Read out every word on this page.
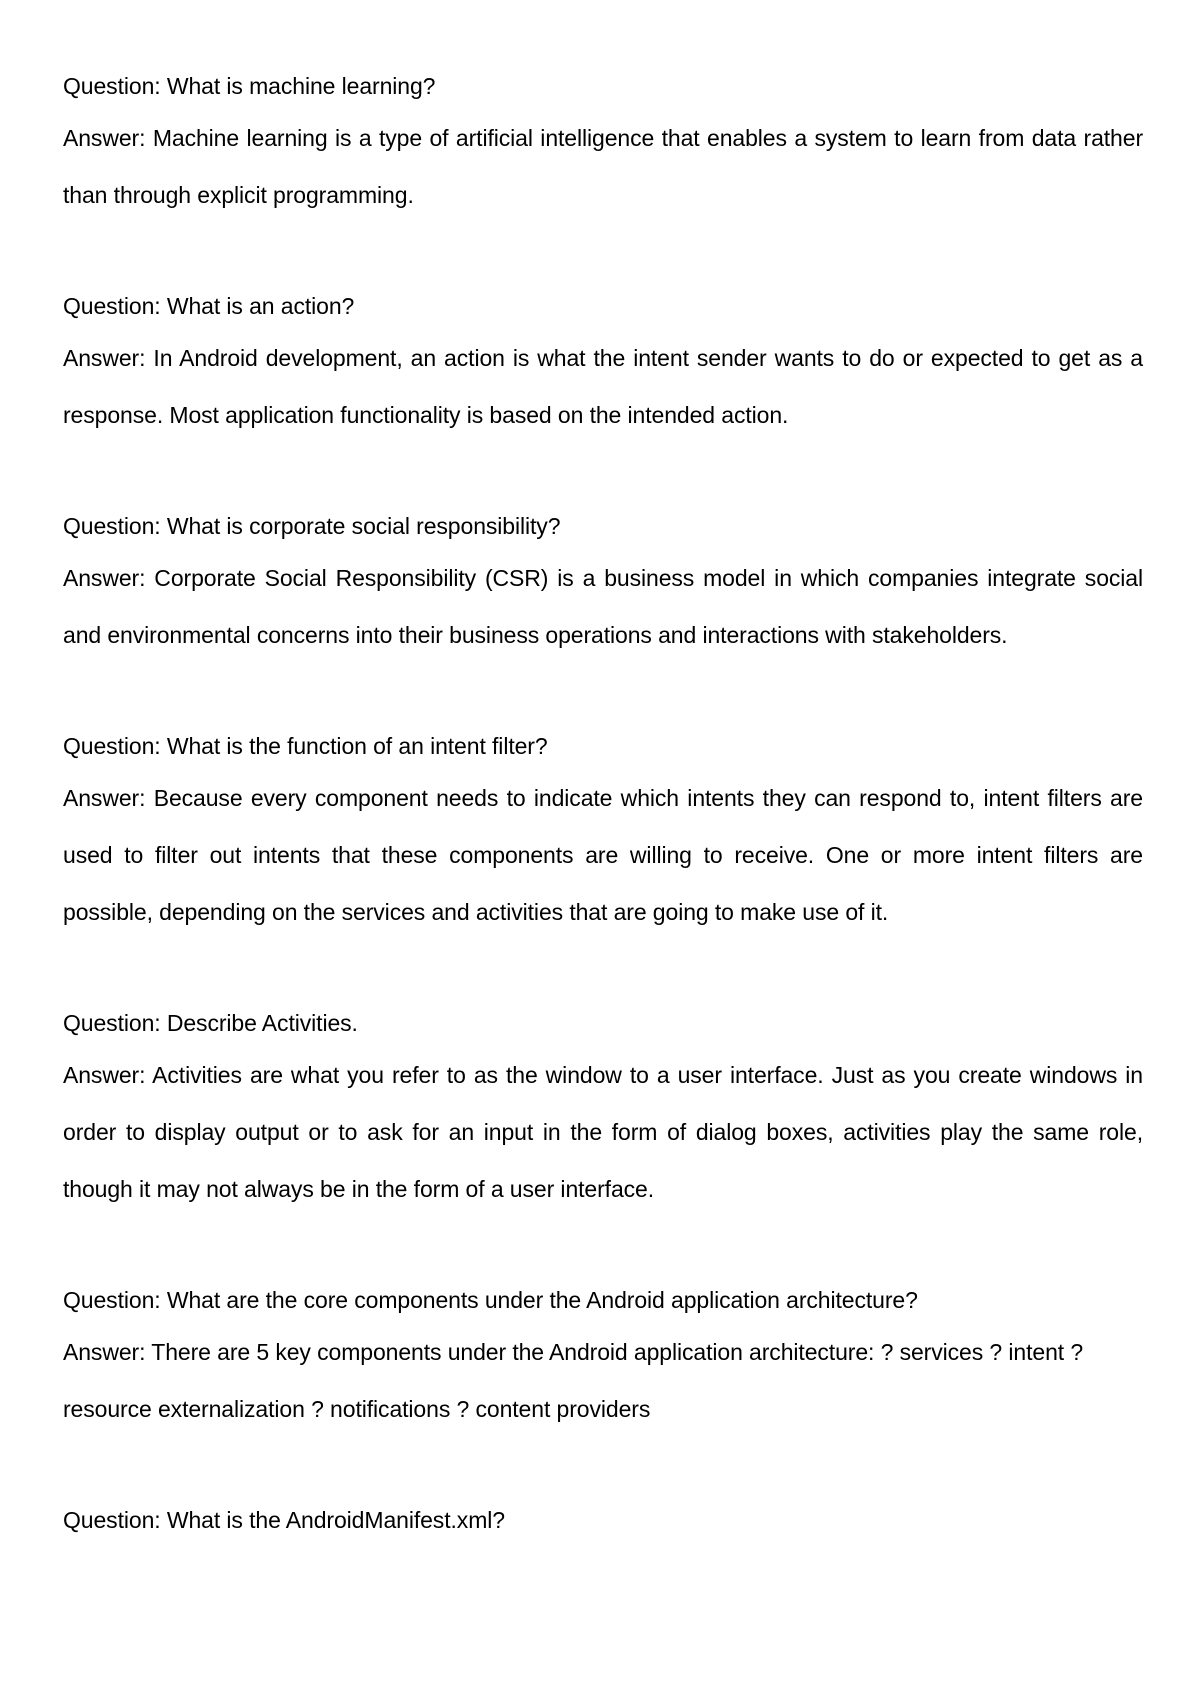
Question: What is machine learning?

Answer: Machine learning is a type of artificial intelligence that enables a system to learn from data rather than through explicit programming.

Question: What is an action?

Answer: In Android development, an action is what the intent sender wants to do or expected to get as a response. Most application functionality is based on the intended action.

Question: What is corporate social responsibility?

Answer: Corporate Social Responsibility (CSR) is a business model in which companies integrate social and environmental concerns into their business operations and interactions with stakeholders.

Question: What is the function of an intent filter?

Answer: Because every component needs to indicate which intents they can respond to, intent filters are used to filter out intents that these components are willing to receive. One or more intent filters are possible, depending on the services and activities that are going to make use of it.

Question: Describe Activities.

Answer: Activities are what you refer to as the window to a user interface. Just as you create windows in order to display output or to ask for an input in the form of dialog boxes, activities play the same role, though it may not always be in the form of a user interface.

Question: What are the core components under the Android application architecture?

Answer: There are 5 key components under the Android application architecture: ? services ? intent ? resource externalization ? notifications ? content providers

Question: What is the AndroidManifest.xml?
